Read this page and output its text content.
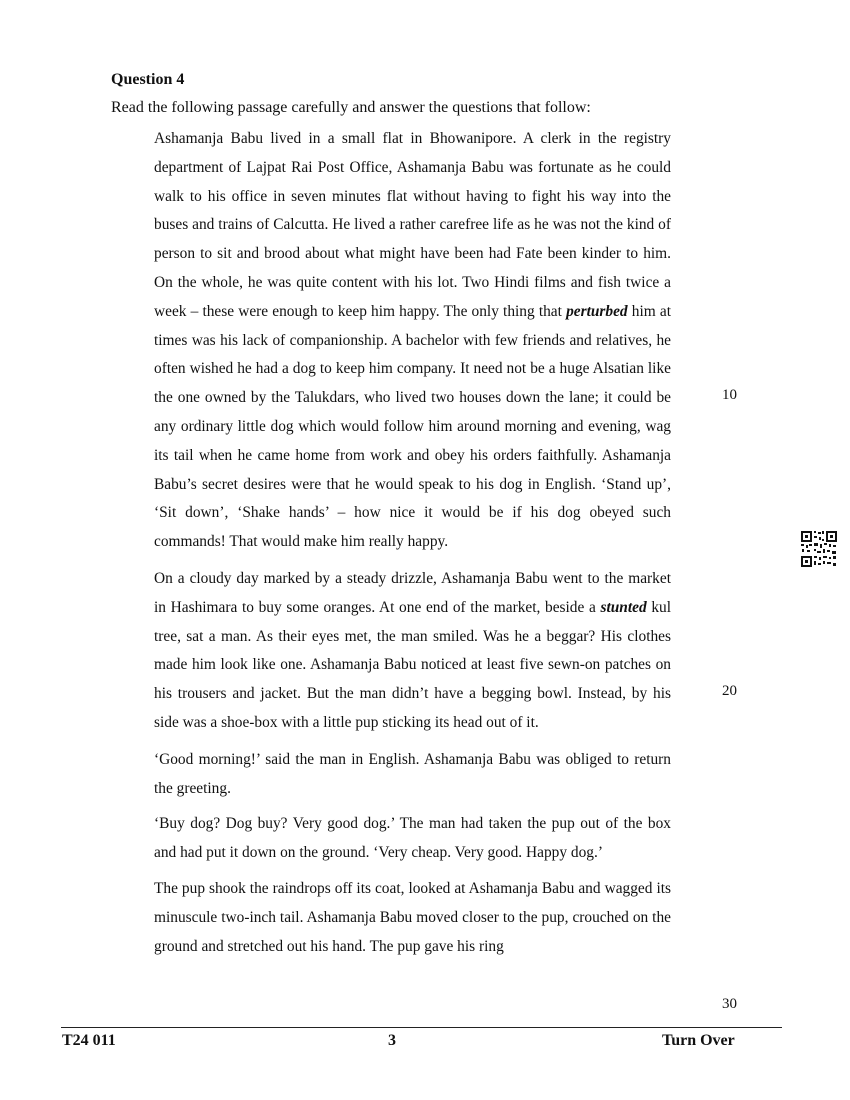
Question 4

Read the following passage carefully and answer the questions that follow:

Ashamanja Babu lived in a small flat in Bhowanipore. A clerk in the registry department of Lajpat Rai Post Office, Ashamanja Babu was fortunate as he could walk to his office in seven minutes flat without having to fight his way into the buses and trains of Calcutta. He lived a rather carefree life as he was not the kind of person to sit and brood about what might have been had Fate been kinder to him. On the whole, he was quite content with his lot. Two Hindi films and fish twice a week – these were enough to keep him happy. The only thing that perturbed him at times was his lack of companionship. A bachelor with few friends and relatives, he often wished he had a dog to keep him company. It need not be a huge Alsatian like the one owned by the Talukdars, who lived two houses down the lane; it could be any ordinary little dog which would follow him around morning and evening, wag its tail when he came home from work and obey his orders faithfully. Ashamanja Babu’s secret desires were that he would speak to his dog in English. ‘Stand up’, ‘Sit down’, ‘Shake hands’ – how nice it would be if his dog obeyed such commands! That would make him really happy.

On a cloudy day marked by a steady drizzle, Ashamanja Babu went to the market in Hashimara to buy some oranges. At one end of the market, beside a stunted kul tree, sat a man. As their eyes met, the man smiled. Was he a beggar? His clothes made him look like one. Ashamanja Babu noticed at least five sewn-on patches on his trousers and jacket. But the man didn’t have a begging bowl. Instead, by his side was a shoe-box with a little pup sticking its head out of it.

‘Good morning!’ said the man in English. Ashamanja Babu was obliged to return the greeting.

‘Buy dog? Dog buy? Very good dog.’ The man had taken the pup out of the box and had put it down on the ground. ‘Very cheap. Very good. Happy dog.’

The pup shook the raindrops off its coat, looked at Ashamanja Babu and wagged its minuscule two-inch tail. Ashamanja Babu moved closer to the pup, crouched on the ground and stretched out his hand. The pup gave his ring

10
20
30
T24 011	3	Turn Over
